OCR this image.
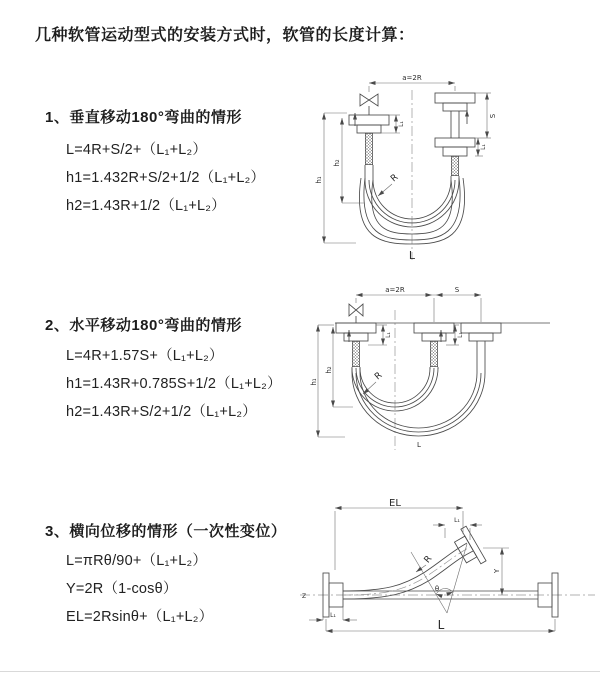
几种软管运动型式的安装方式时，软管的长度计算：
1、垂直移动180°弯曲的情形
L=4R+S/2+（L₁+L₂）
h1=1.432R+S/2+1/2（L₁+L₂）
h2=1.43R+1/2（L₁+L₂）
2、水平移动180°弯曲的情形
L=4R+1.57S+（L₁+L₂）
h1=1.43R+0.785S+1/2（L₁+L₂）
h2=1.43R+S/2+1/2（L₁+L₂）
3、横向位移的情形（一次性变位）
L=πRθ/90+（L₁+L₂）
Y=2R（1-cosθ）
EL=2Rsinθ+（L₁+L₂）
a=2R
h₁
h₂
L₁
S
L₁
R
L
a=2R	S
h₁
h₂
L₁	L₁
R
L
EL
L₁
Y
L
L₁
R
θ
Z
